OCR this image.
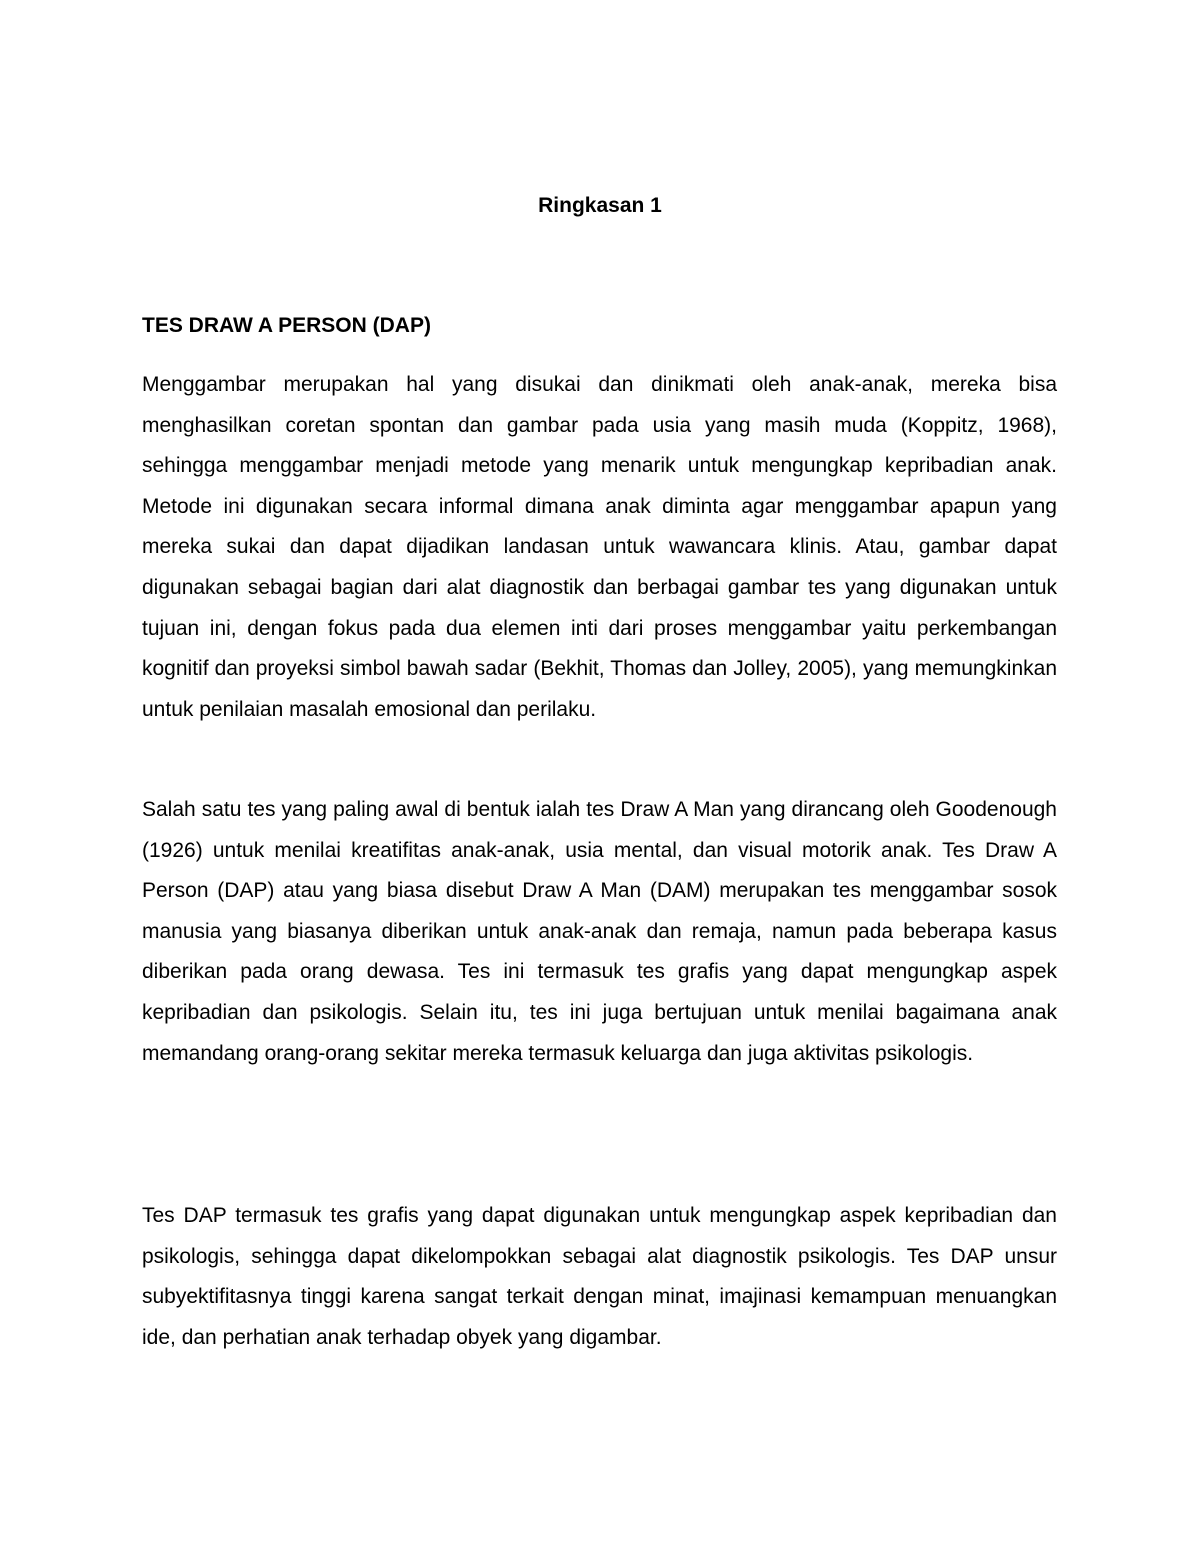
Ringkasan 1
TES DRAW A PERSON (DAP)

Menggambar merupakan hal yang disukai dan dinikmati oleh anak-anak, mereka bisa menghasilkan coretan spontan dan gambar pada usia yang masih muda (Koppitz, 1968), sehingga menggambar menjadi metode yang menarik untuk mengungkap kepribadian anak. Metode ini digunakan secara informal dimana anak diminta agar menggambar apapun yang mereka sukai dan dapat dijadikan landasan untuk wawancara klinis. Atau, gambar dapat digunakan sebagai bagian dari alat diagnostik dan berbagai gambar tes yang digunakan untuk tujuan ini, dengan fokus pada dua elemen inti dari proses menggambar yaitu perkembangan kognitif dan proyeksi simbol bawah sadar (Bekhit, Thomas dan Jolley, 2005), yang memungkinkan untuk penilaian masalah emosional dan perilaku.

Salah satu tes yang paling awal di bentuk ialah tes Draw A Man yang dirancang oleh Goodenough (1926) untuk menilai kreatifitas anak-anak, usia mental, dan visual motorik anak. Tes Draw A Person (DAP) atau yang biasa disebut Draw A Man (DAM) merupakan tes menggambar sosok manusia yang biasanya diberikan untuk anak-anak dan remaja, namun pada beberapa kasus diberikan pada orang dewasa. Tes ini termasuk tes grafis yang dapat mengungkap aspek kepribadian dan psikologis. Selain itu, tes ini juga bertujuan untuk menilai bagaimana anak memandang orang-orang sekitar mereka termasuk keluarga dan juga aktivitas psikologis.

Tes DAP termasuk tes grafis yang dapat digunakan untuk mengungkap aspek kepribadian dan psikologis, sehingga dapat dikelompokkan sebagai alat diagnostik psikologis. Tes DAP unsur subyektifitasnya tinggi karena sangat terkait dengan minat, imajinasi kemampuan menuangkan ide, dan perhatian anak terhadap obyek yang digambar.
